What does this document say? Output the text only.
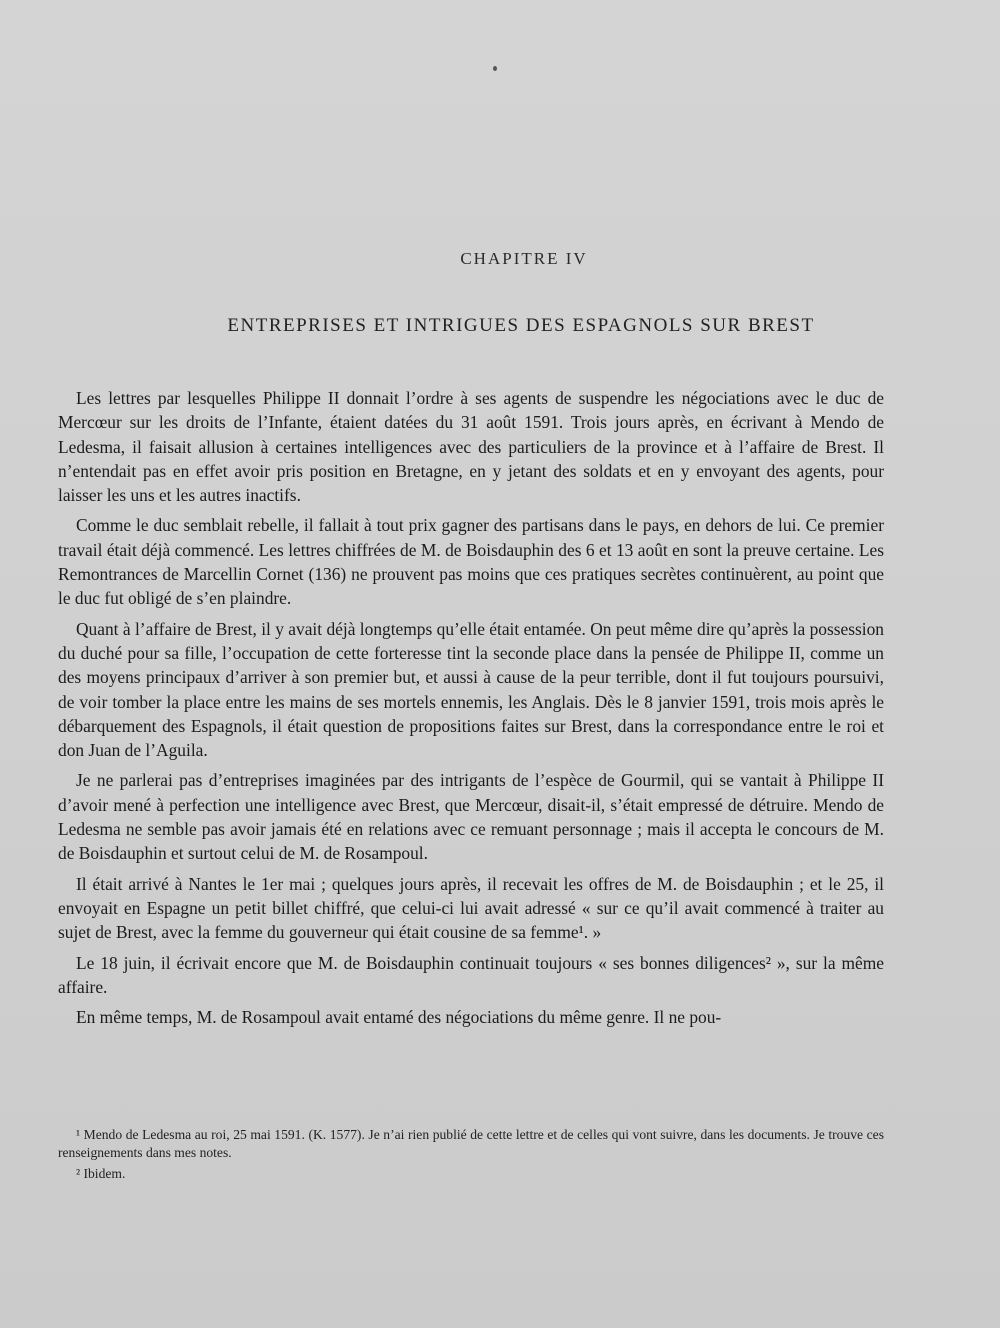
CHAPITRE IV
ENTREPRISES ET INTRIGUES DES ESPAGNOLS SUR BREST

Les lettres par lesquelles Philippe II donnait l’ordre à ses agents de suspendre les négociations avec le duc de Mercœur sur les droits de l’Infante, étaient datées du 31 août 1591. Trois jours après, en écrivant à Mendo de Ledesma, il faisait allusion à certaines intelligences avec des particuliers de la province et à l’affaire de Brest. Il n’entendait pas en effet avoir pris position en Bretagne, en y jetant des soldats et en y envoyant des agents, pour laisser les uns et les autres inactifs.

Comme le duc semblait rebelle, il fallait à tout prix gagner des partisans dans le pays, en dehors de lui. Ce premier travail était déjà commencé. Les lettres chiffrées de M. de Boisdauphin des 6 et 13 août en sont la preuve certaine. Les Remontrances de Marcellin Cornet (136) ne prouvent pas moins que ces pratiques secrètes continuèrent, au point que le duc fut obligé de s’en plaindre.

Quant à l’affaire de Brest, il y avait déjà longtemps qu’elle était entamée. On peut même dire qu’après la possession du duché pour sa fille, l’occupation de cette forteresse tint la seconde place dans la pensée de Philippe II, comme un des moyens principaux d’arriver à son premier but, et aussi à cause de la peur terrible, dont il fut toujours poursuivi, de voir tomber la place entre les mains de ses mortels ennemis, les Anglais. Dès le 8 janvier 1591, trois mois après le débarquement des Espagnols, il était question de propositions faites sur Brest, dans la correspondance entre le roi et don Juan de l’Aguila.

Je ne parlerai pas d’entreprises imaginées par des intrigants de l’espèce de Gourmil, qui se vantait à Philippe II d’avoir mené à perfection une intelligence avec Brest, que Mercœur, disait-il, s’était empressé de détruire. Mendo de Ledesma ne semble pas avoir jamais été en relations avec ce remuant personnage ; mais il accepta le concours de M. de Boisdauphin et surtout celui de M. de Rosampoul.

Il était arrivé à Nantes le 1er mai ; quelques jours après, il recevait les offres de M. de Boisdauphin ; et le 25, il envoyait en Espagne un petit billet chiffré, que celui-ci lui avait adressé « sur ce qu’il avait commencé à traiter au sujet de Brest, avec la femme du gouverneur qui était cousine de sa femme¹. »

Le 18 juin, il écrivait encore que M. de Boisdauphin continuait toujours « ses bonnes diligences² », sur la même affaire.

En même temps, M. de Rosampoul avait entamé des négociations du même genre. Il ne pou-

¹ Mendo de Ledesma au roi, 25 mai 1591. (K. 1577). Je n’ai rien publié de cette lettre et de celles qui vont suivre, dans les documents. Je trouve ces renseignements dans mes notes.

² Ibidem.
